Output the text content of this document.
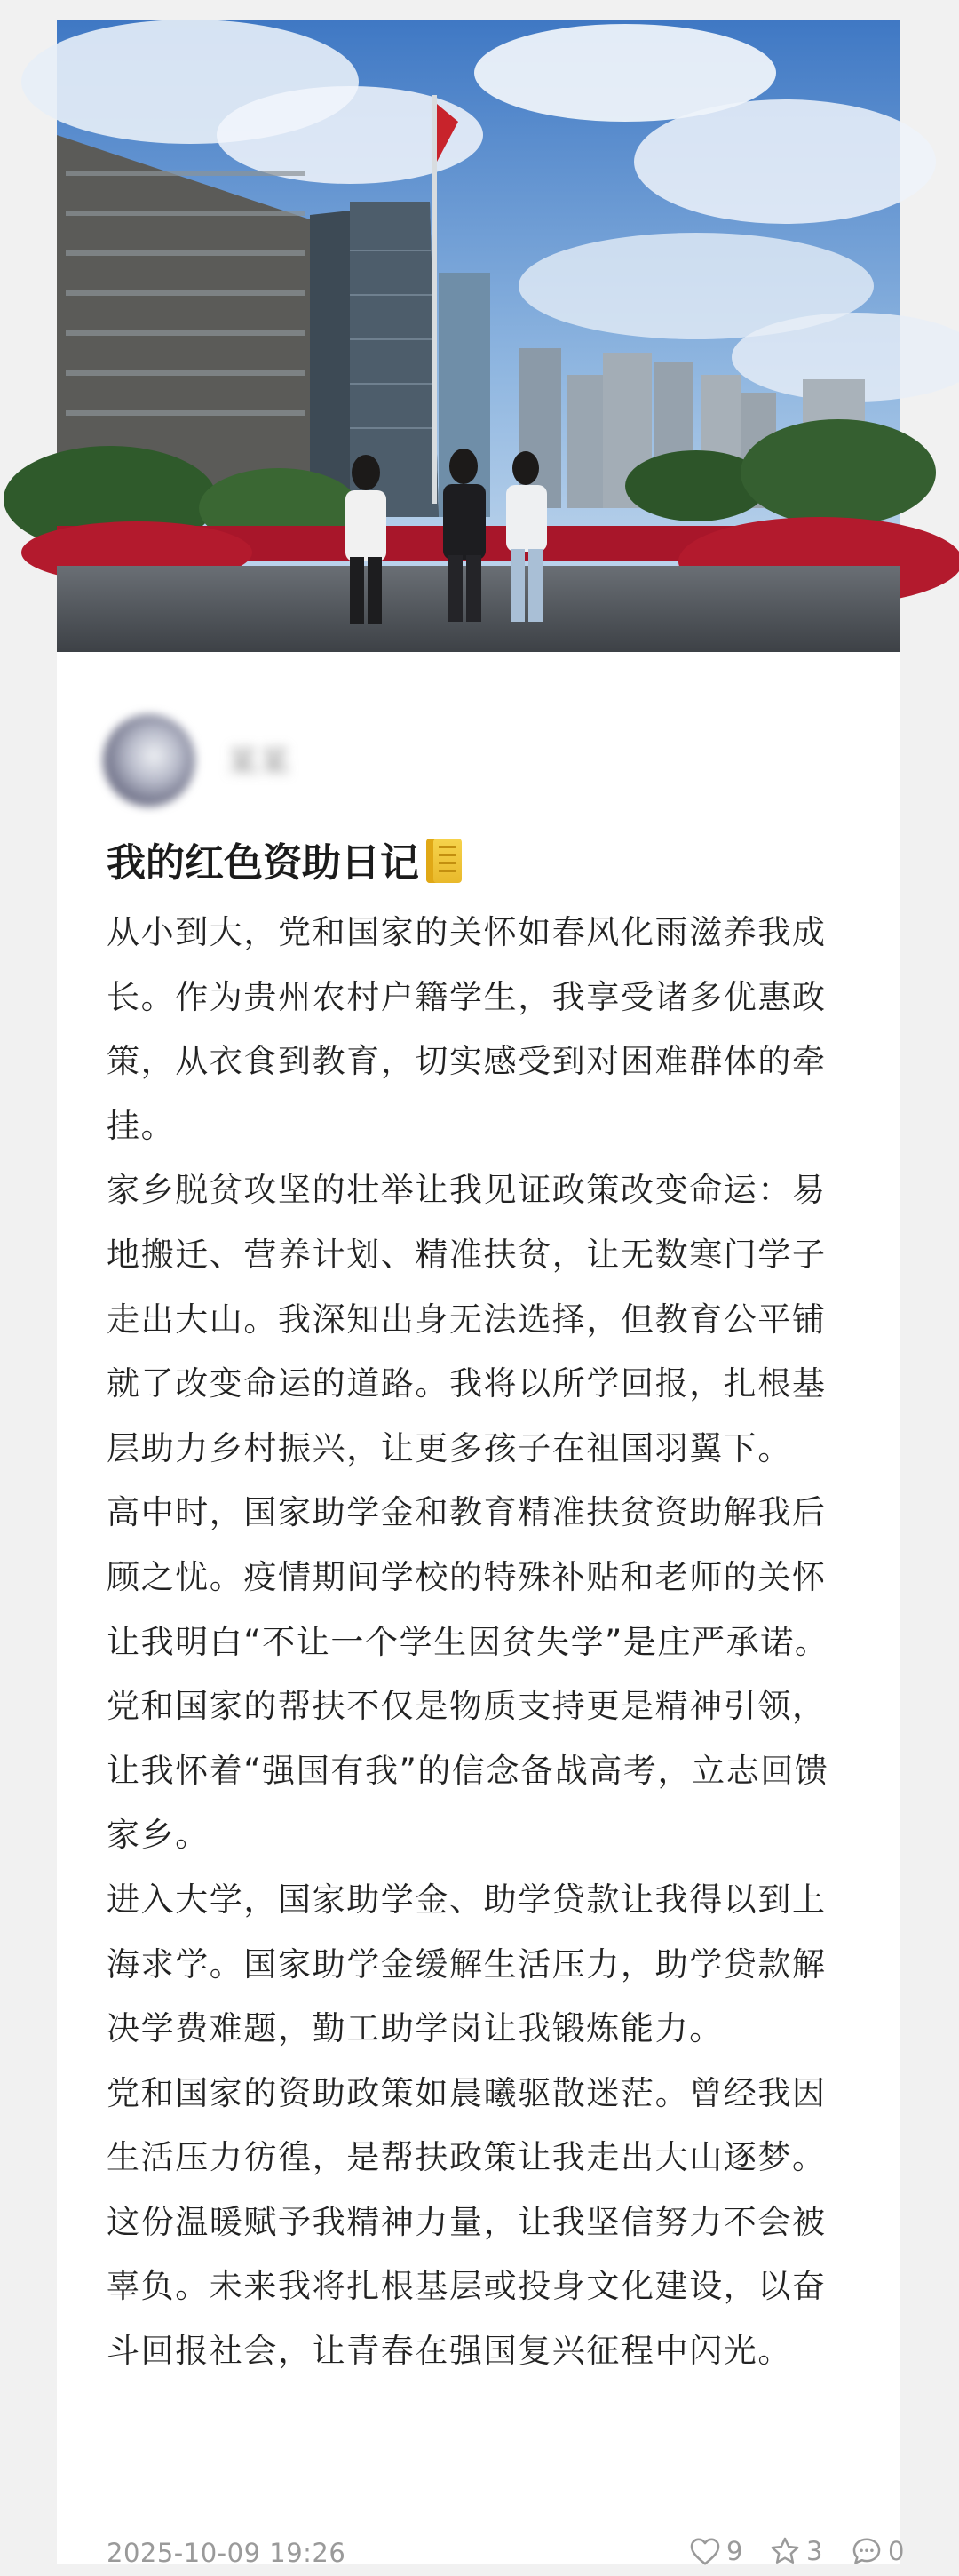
某某
我的红色资助日记

从小到大，党和国家的关怀如春风化雨滋养我成长。作为贵州农村户籍学生，我享受诸多优惠政策，从衣食到教育，切实感受到对困难群体的牵挂。

家乡脱贫攻坚的壮举让我见证政策改变命运：易地搬迁、营养计划、精准扶贫，让无数寒门学子走出大山。我深知出身无法选择，但教育公平铺就了改变命运的道路。我将以所学回报，扎根基层助力乡村振兴，让更多孩子在祖国羽翼下。

高中时，国家助学金和教育精准扶贫资助解我后顾之忧。疫情期间学校的特殊补贴和老师的关怀让我明白“不让一个学生因贫失学”是庄严承诺。党和国家的帮扶不仅是物质支持更是精神引领，让我怀着“强国有我”的信念备战高考，立志回馈家乡。

进入大学，国家助学金、助学贷款让我得以到上海求学。国家助学金缓解生活压力，助学贷款解决学费难题，勤工助学岗让我锻炼能力。

党和国家的资助政策如晨曦驱散迷茫。曾经我因生活压力彷徨，是帮扶政策让我走出大山逐梦。这份温暖赋予我精神力量，让我坚信努力不会被辜负。未来我将扎根基层或投身文化建设，以奋斗回报社会，让青春在强国复兴征程中闪光。

2025-10-09 19:26	9 3	0
